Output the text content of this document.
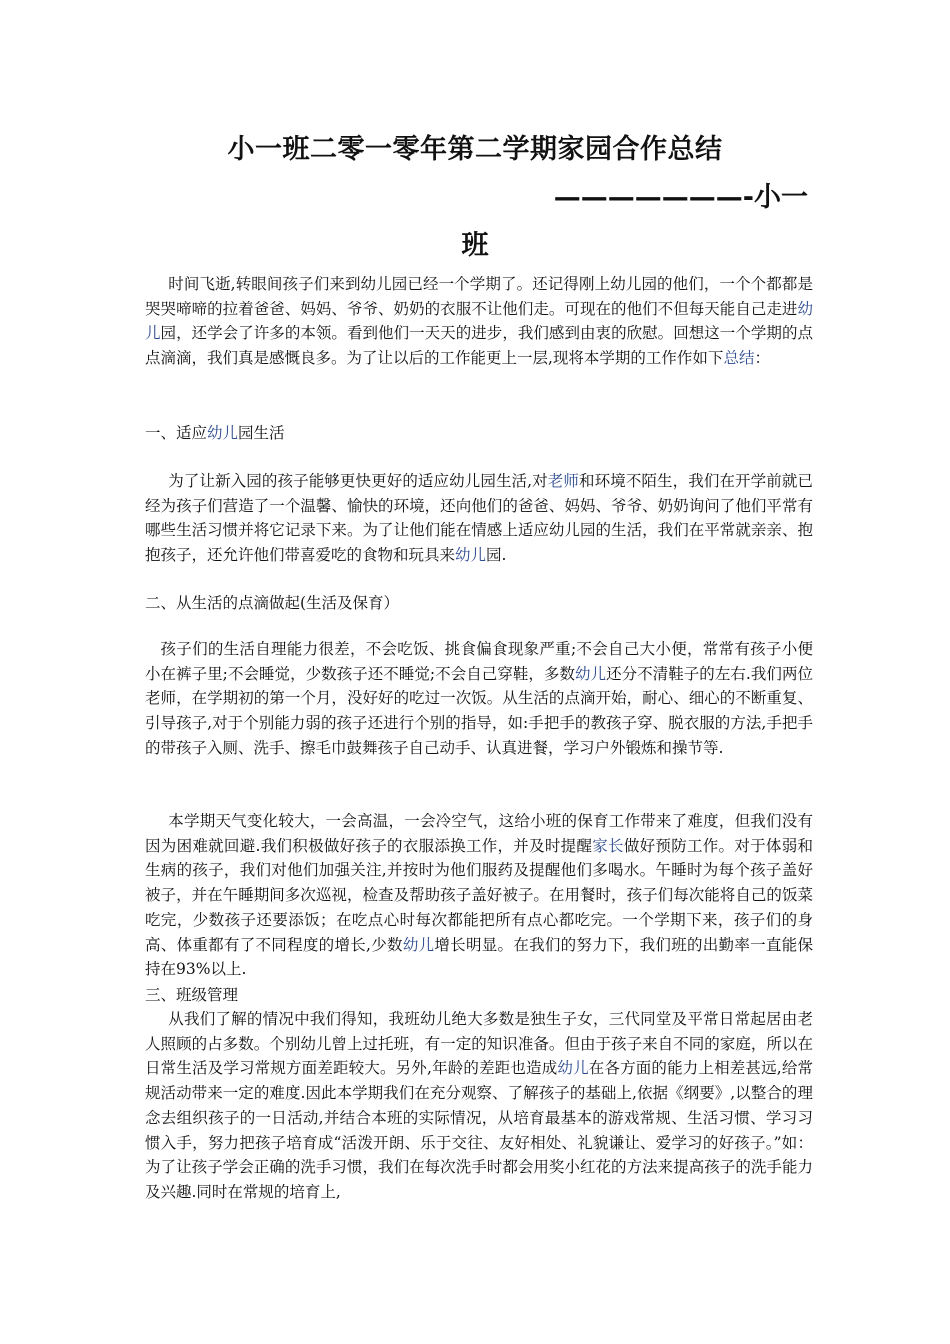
小一班二零一零年第二学期家园合作总结
———————-小一
班

时间飞逝,转眼间孩子们来到幼儿园已经一个学期了。还记得刚上幼儿园的他们，一个个都都是哭哭啼啼的拉着爸爸、妈妈、爷爷、奶奶的衣服不让他们走。可现在的他们不但每天能自己走进幼儿园，还学会了许多的本领。看到他们一天天的进步，我们感到由衷的欣慰。回想这一个学期的点点滴滴，我们真是感慨良多。为了让以后的工作能更上一层,现将本学期的工作作如下总结：

一、适应幼儿园生活

为了让新入园的孩子能够更快更好的适应幼儿园生活,对老师和环境不陌生，我们在开学前就已经为孩子们营造了一个温馨、愉快的环境，还向他们的爸爸、妈妈、爷爷、奶奶询问了他们平常有哪些生活习惯并将它记录下来。为了让他们能在情感上适应幼儿园的生活，我们在平常就亲亲、抱抱孩子，还允许他们带喜爱吃的食物和玩具来幼儿园.

二、从生活的点滴做起(生活及保育）

孩子们的生活自理能力很差，不会吃饭、挑食偏食现象严重;不会自己大小便，常常有孩子小便小在裤子里;不会睡觉，少数孩子还不睡觉;不会自己穿鞋，多数幼儿还分不清鞋子的左右.我们两位老师，在学期初的第一个月，没好好的吃过一次饭。从生活的点滴开始，耐心、细心的不断重复、引导孩子,对于个别能力弱的孩子还进行个别的指导，如:手把手的教孩子穿、脱衣服的方法,手把手的带孩子入厕、洗手、擦毛巾鼓舞孩子自己动手、认真进餐，学习户外锻炼和操节等.

本学期天气变化较大，一会高温，一会冷空气，这给小班的保育工作带来了难度，但我们没有因为困难就回避.我们积极做好孩子的衣服添换工作，并及时提醒家长做好预防工作。对于体弱和生病的孩子，我们对他们加强关注,并按时为他们服药及提醒他们多喝水。午睡时为每个孩子盖好被子，并在午睡期间多次巡视，检查及帮助孩子盖好被子。在用餐时，孩子们每次能将自己的饭菜吃完，少数孩子还要添饭；在吃点心时每次都能把所有点心都吃完。一个学期下来，孩子们的身高、体重都有了不同程度的增长,少数幼儿增长明显。在我们的努力下，我们班的出勤率一直能保持在93%以上.

三、班级管理

从我们了解的情况中我们得知，我班幼儿绝大多数是独生子女，三代同堂及平常日常起居由老人照顾的占多数。个别幼儿曾上过托班，有一定的知识准备。但由于孩子来自不同的家庭，所以在日常生活及学习常规方面差距较大。另外,年龄的差距也造成幼儿在各方面的能力上相差甚远,给常规活动带来一定的难度.因此本学期我们在充分观察、了解孩子的基础上,依据《纲要》,以整合的理念去组织孩子的一日活动,并结合本班的实际情况，从培育最基本的游戏常规、生活习惯、学习习惯入手，努力把孩子培育成“活泼开朗、乐于交往、友好相处、礼貌谦让、爱学习的好孩子。”如：为了让孩子学会正确的洗手习惯，我们在每次洗手时都会用奖小红花的方法来提高孩子的洗手能力及兴趣.同时在常规的培育上,
